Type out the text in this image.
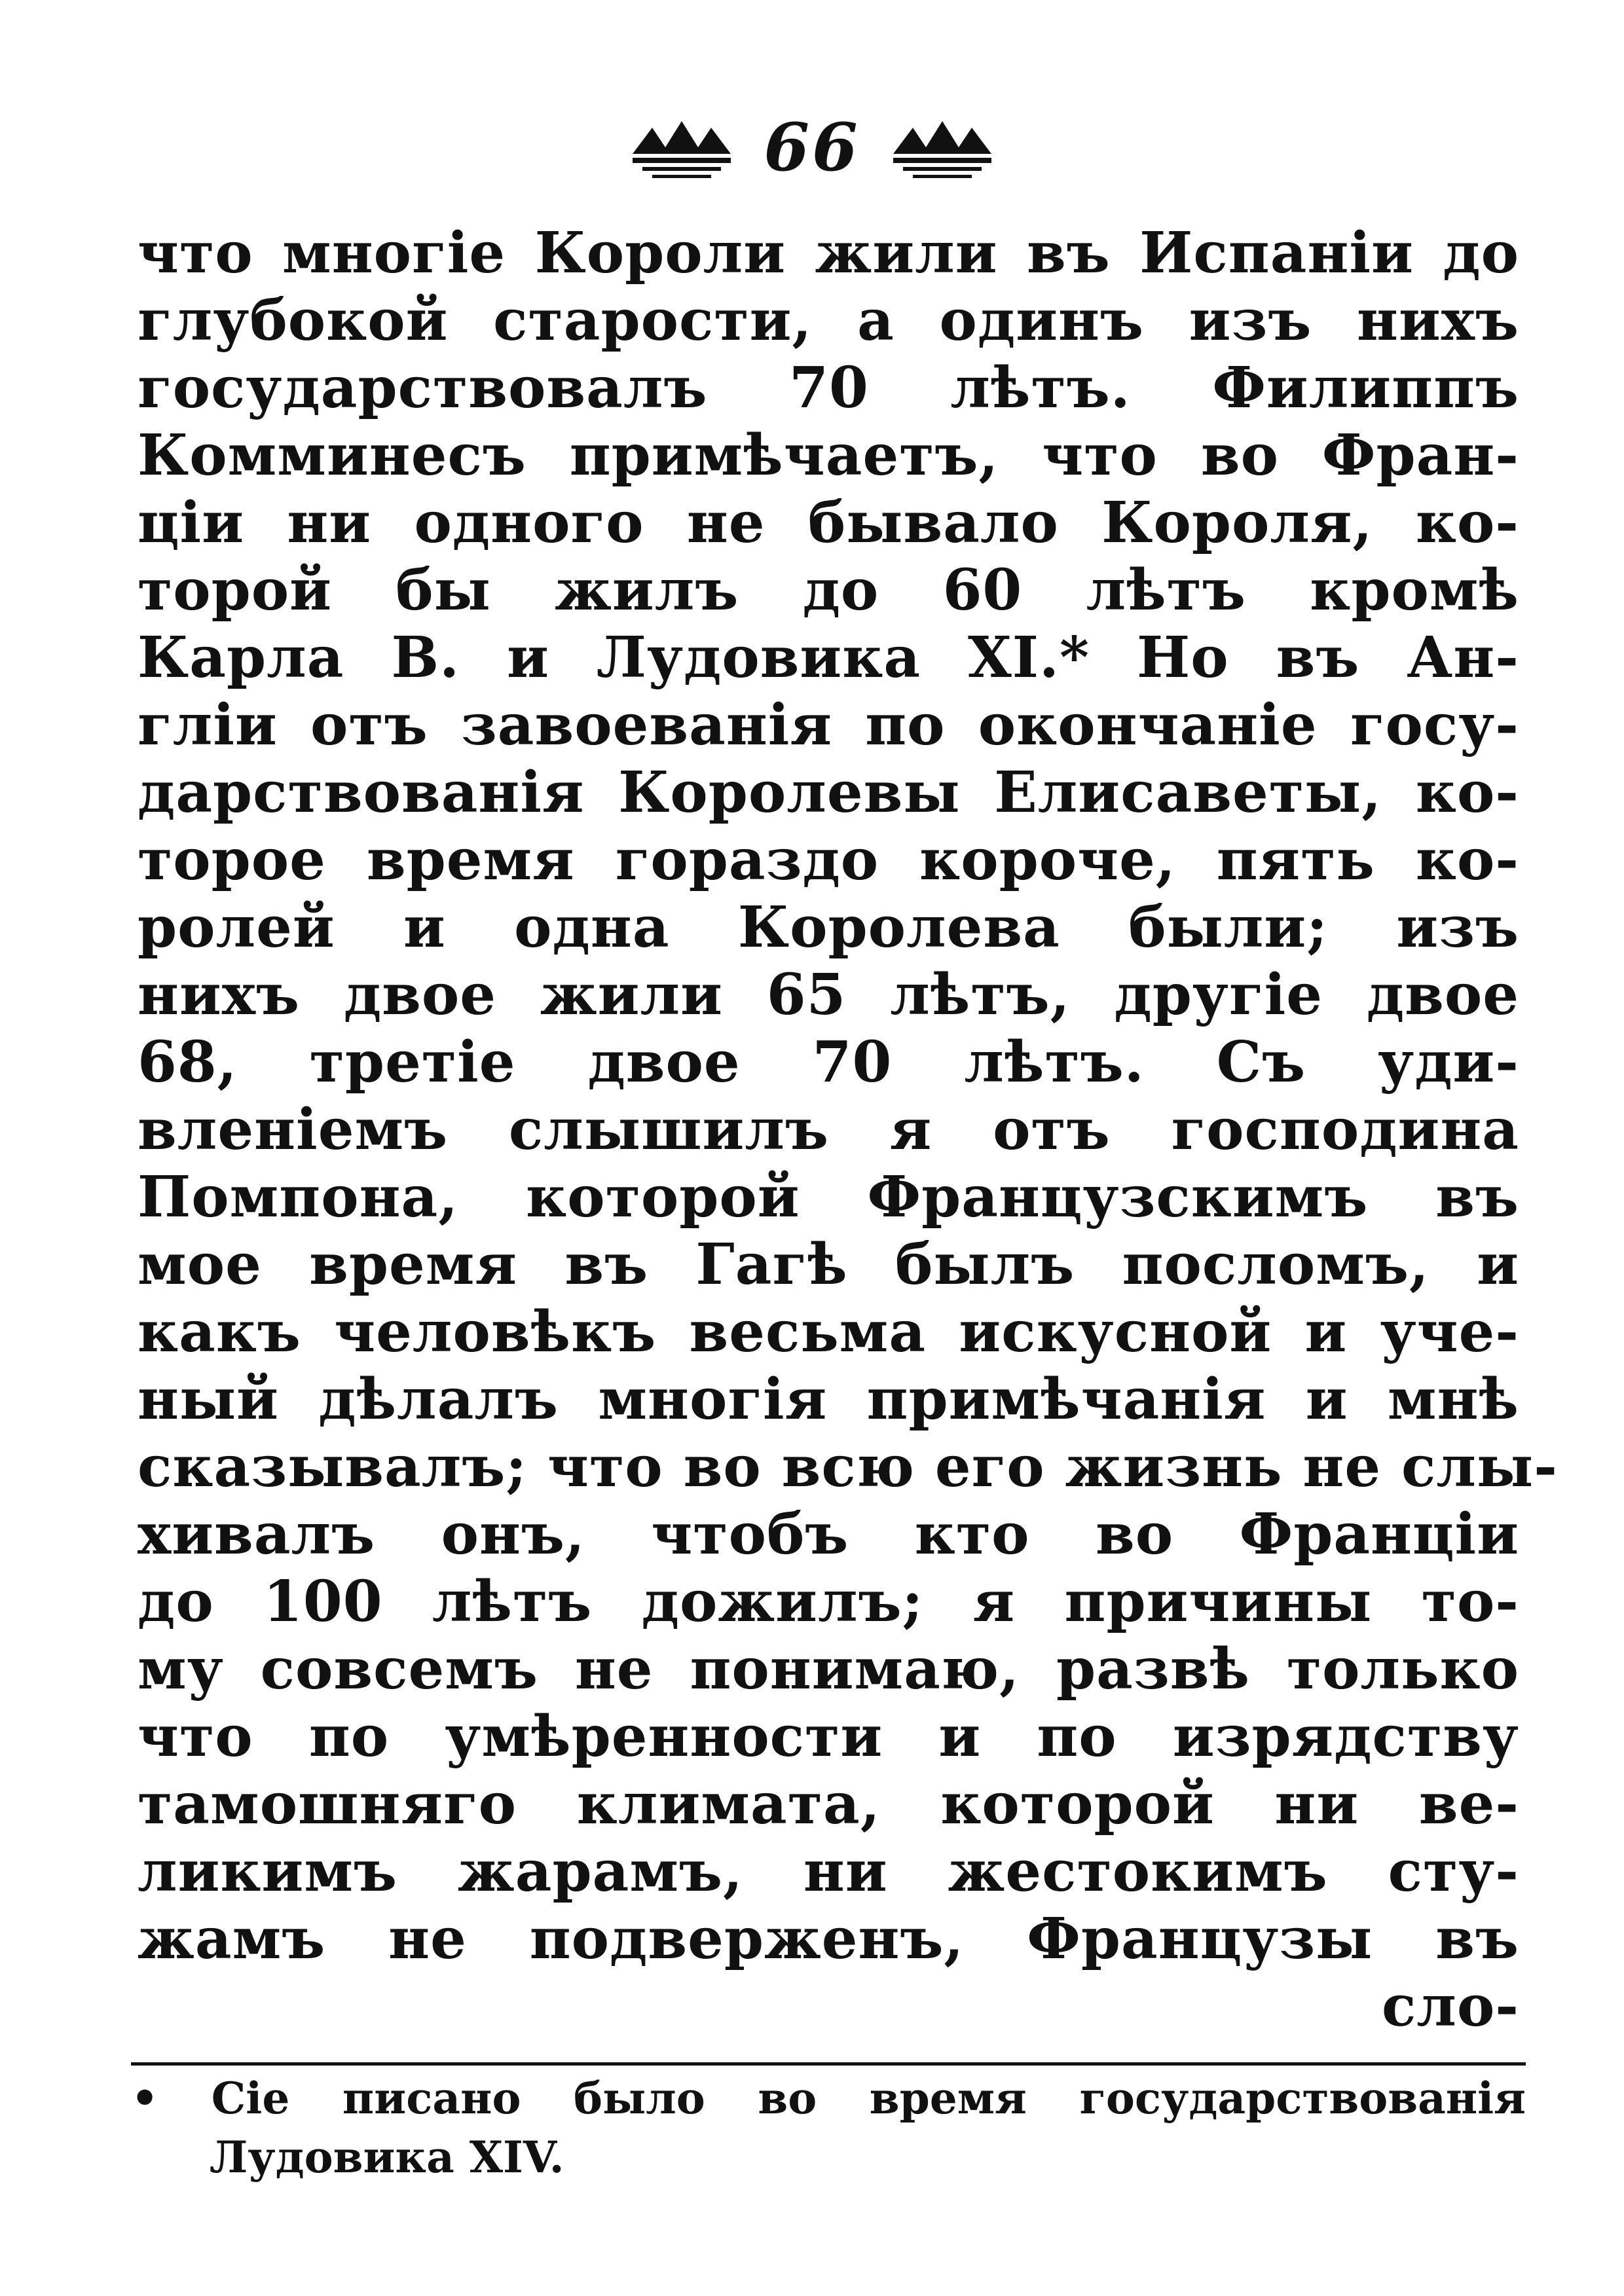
66
что многіе Короли жили въ Испаніи до
глубокой старости, а одинъ изъ нихъ
государствовалъ 70 лѣтъ. Филиппъ
Комминесъ примѣчаетъ, что во Фран-
ціи ни одного не бывало Короля, ко-
торой бы жилъ до 60 лѣтъ кромѣ
Карла В. и Лудовика XI.* Но въ Ан-
гліи отъ завоеванія по окончаніе госу-
дарствованія Королевы Елисаветы, ко-
торое время гораздо короче, пять ко-
ролей и одна Королева были; изъ
нихъ двое жили 65 лѣтъ, другіе двое
68, третіе двое 70 лѣтъ. Съ уди-
вленіемъ слышилъ я отъ господина
Помпона, которой Французскимъ въ
мое время въ Гагѣ былъ посломъ, и
какъ человѣкъ весьма искусной и уче-
ный дѣлалъ многія примѣчанія и мнѣ
сказывалъ; что во всю его жизнь не слы-
хивалъ онъ, чтобъ кто во Франціи
до 100 лѣтъ дожилъ; я причины то-
му совсемъ не понимаю, развѣ только
что по умѣренности и по изрядству
тамошняго климата, которой ни ве-
ликимъ жарамъ, ни жестокимъ сту-
жамъ не подверженъ, Французы въ
сло-
• Сіе писано было во время государствованія
Лудовика XIV.
